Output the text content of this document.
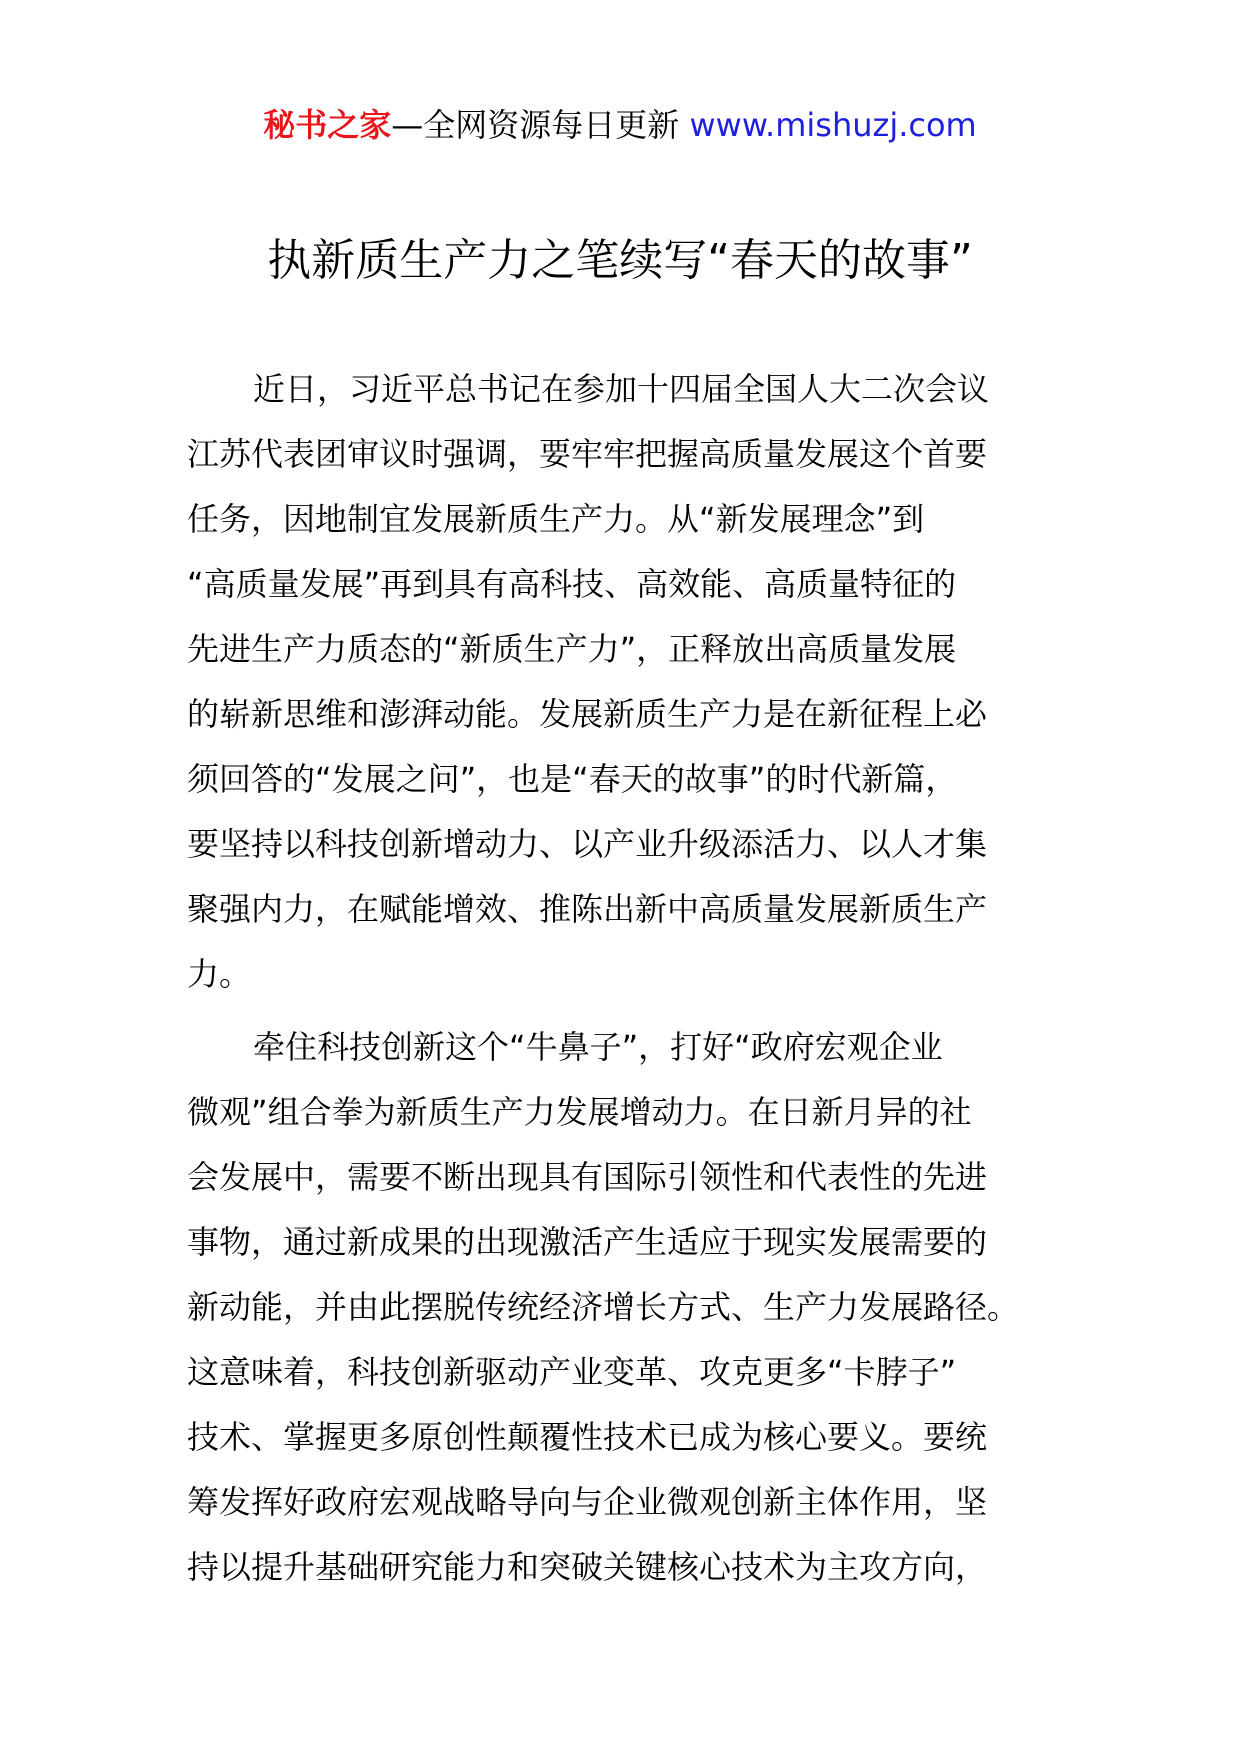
秘书之家—全网资源每日更新 www.mishuzj.com
执新质生产力之笔续写“春天的故事”

近日，习近平总书记在参加十四届全国人大二次会议
江苏代表团审议时强调，要牢牢把握高质量发展这个首要
任务，因地制宜发展新质生产力。从“新发展理念”到
“高质量发展”再到具有高科技、高效能、高质量特征的
先进生产力质态的“新质生产力”，正释放出高质量发展
的崭新思维和澎湃动能。发展新质生产力是在新征程上必
须回答的“发展之问”，也是“春天的故事”的时代新篇，
要坚持以科技创新增动力、以产业升级添活力、以人才集
聚强内力，在赋能增效、推陈出新中高质量发展新质生产
力。

牵住科技创新这个“牛鼻子”，打好“政府宏观企业
微观”组合拳为新质生产力发展增动力。在日新月异的社
会发展中，需要不断出现具有国际引领性和代表性的先进
事物，通过新成果的出现激活产生适应于现实发展需要的
新动能，并由此摆脱传统经济增长方式、生产力发展路径。
这意味着，科技创新驱动产业变革、攻克更多“卡脖子”
技术、掌握更多原创性颠覆性技术已成为核心要义。要统
筹发挥好政府宏观战略导向与企业微观创新主体作用，坚
持以提升基础研究能力和突破关键核心技术为主攻方向，
